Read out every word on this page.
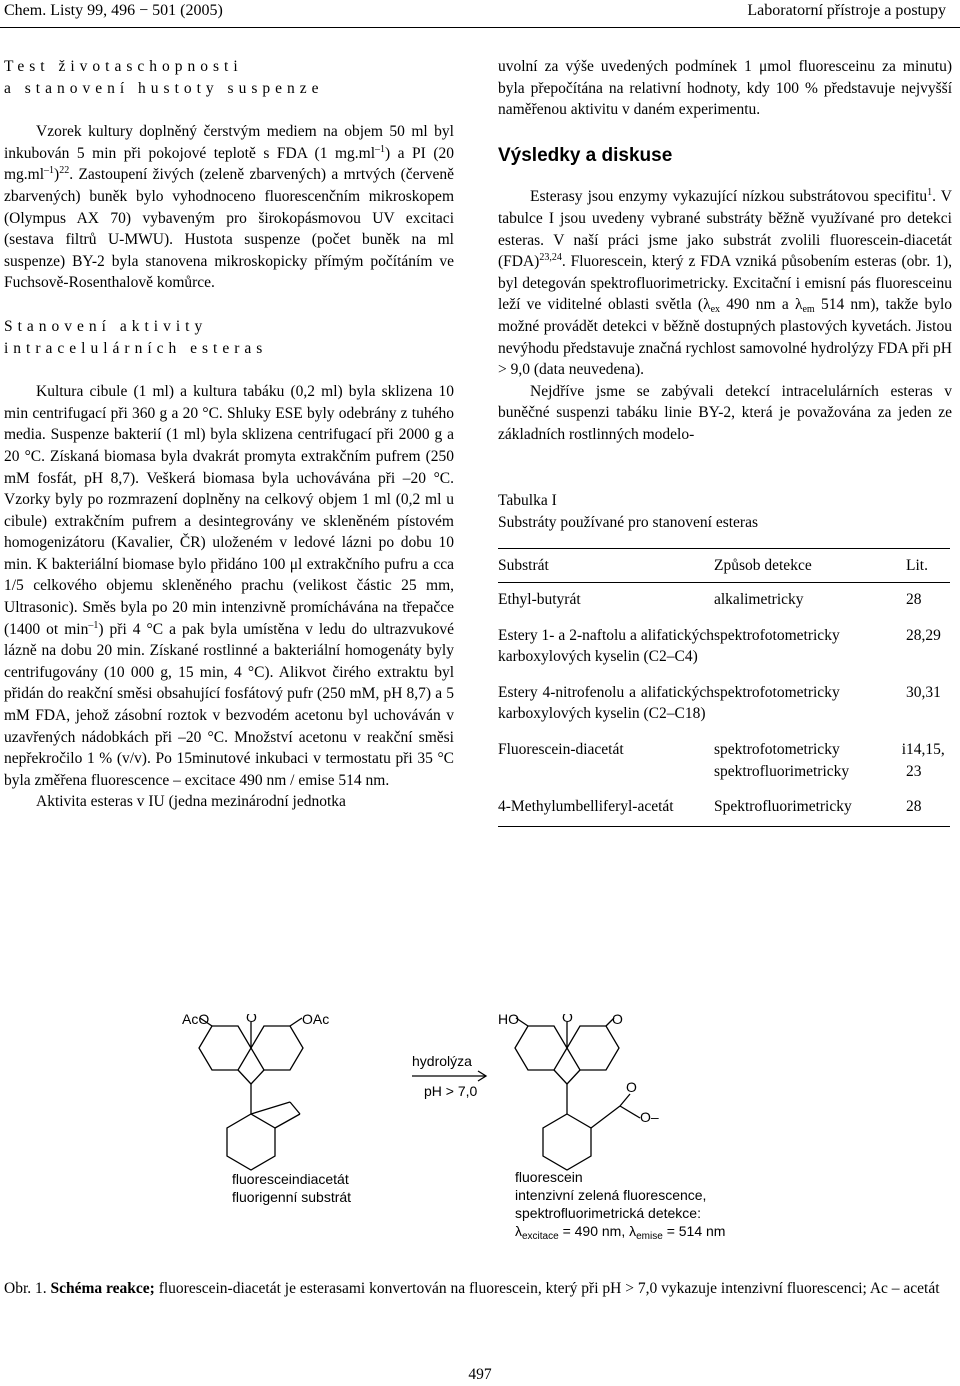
Chem. Listy 99, 496 − 501 (2005)	Laboratorní přístroje a postupy

Test životaschopnosti

a stanovení hustoty suspenze

Vzorek kultury doplněný čerstvým mediem na objem 50 ml byl inkubován 5 min při pokojové teplotě s FDA (1 $mg.ml^{-1}$) a PI (20 $mg.ml^{-1})^{22}$. Zastoupení živých (zeleně zbarvených) a mrtvých (červeně zbarvených) buněk bylo vyhodnoceno fluorescenčním mikroskopem (Olympus AX 70) vybaveným pro širokopásmovou UV excitaci (sestava filtrů U-MWU). Hustota suspenze (počet buněk na ml suspenze) BY-2 byla stanovena mikroskopicky přímým počítáním ve Fuchsově-Rosenthalově komůrce.

Stanovení aktivity

intracelulárních esteras

Kultura cibule (1 ml) a kultura tabáku (0,2 ml) byla sklizena 10 min centrifugací při 360 g a 20 °C. Shluky ESE byly odebrány z tuhého media. Suspenze bakterií (1 ml) byla sklizena centrifugací při 2000 g a 20 °C. Získaná biomasa byla dvakrát promyta extrakčním pufrem (250 mM fosfát, pH 8,7). Veškerá biomasa byla uchovávána při –20 °C. Vzorky byly po rozmrazení doplněny na celkový objem 1 ml (0,2 ml u cibule) extrakčním pufrem a desintegrovány ve skleněném pístovém homogenizátoru (Kavalier, ČR) uloženém v ledové lázni po dobu 10 min. K bakteriální biomase bylo přidáno 100 μl extrakčního pufru a cca 1/5 celkového objemu skleněného prachu (velikost částic 25 mm, Ultrasonic). Směs byla po 20 min intenzivně promíchávána na třepačce (1400 ot $\min^{-1}$) při 4 °C a pak byla umístěna v ledu do ultrazvukové lázně na dobu 20 min. Získané rostlinné a bakteriální homogenáty byly centrifugovány (10 000 g, 15 min, 4 °C). Alikvot čirého extraktu byl přidán do reakční směsi obsahující fosfátový pufr (250 mM, pH 8,7) a 5 mM FDA, jehož zásobní roztok v bezvodém acetonu byl uchováván v uzavřených nádobkách při –20 °C. Množství acetonu v reakční směsi nepřekročilo 1 % (v/v). Po 15minutové inkubaci v termostatu při 35 °C byla změřena fluorescence – excitace 490 nm / emise 514 nm.

Aktivita esteras v IU (jedna mezinárodní jednotka

uvolní za výše uvedených podmínek 1 μmol fluoresceinu za minutu) byla přepočítána na relativní hodnoty, kdy 100 % představuje nejvyšší naměřenou aktivitu v daném experimentu.

Výsledky a diskuse

Esterasy jsou enzymy vykazující nízkou substrátovou specifitu$^1$. V tabulce I jsou uvedeny vybrané substráty běžně využívané pro detekci esteras. V naší práci jsme jako substrát zvolili fluorescein-diacetát (FDA)$^{23,24}$. Fluorescein, který z FDA vzniká působením esteras (obr. 1), byl detegován spektrofluorimetricky. Excitační i emisní pás fluoresceinu leží ve viditelné oblasti světla ($\lambda_{ex}$ 490 nm a $\lambda_{em}$ 514 nm), takže bylo možné provádět detekci v běžně dostupných plastových kyvetách. Jistou nevýhodu představuje značná rychlost samovolné hydrolýzy FDA při pH > 9,0 (data neuvedena).

Nejdříve jsme se zabývali detekcí intracelulárních esteras v buněčné suspenzi tabáku linie BY-2, která je považována za jeden ze základních rostlinných modelo-

Tabulka I
Substráty používané pro stanovení esteras
Substrát	Způsob detekce	Lit.
Ethyl-butyrát	alkalimetricky	28
Estery 1- a 2-naftolu a alifatických karboxylových kyselin (C2–C4)	spektrofotometricky	28,29
Estery 4-nitrofenolu a alifatických karboxylových kyselin (C2–C18)	spektrofotometricky	30,31
Fluorescein-diacetát	spektrofotometricky i spektrofluorimetricky	14,15, 23
4-Methylumbelliferyl-acetát	Spektrofluorimetricky	28
AcO	OAc
O	HO	O	O
O
O–
hydrolýza
pH > 7,0
fluoresceindiacetát
fluorigenní substrát
fluorescein
intenzivní zelená fluorescence,
spektrofluorimetrická detekce:
$\lambda_{excitace} = 490$ nm, $\lambda_{emise} = 514$ nm
Obr. 1. Schéma reakce; fluorescein-diacetát je esterasami konvertován na fluorescein, který při pH > 7,0 vykazuje intenzivní fluorescenci; Ac – acetát
497
